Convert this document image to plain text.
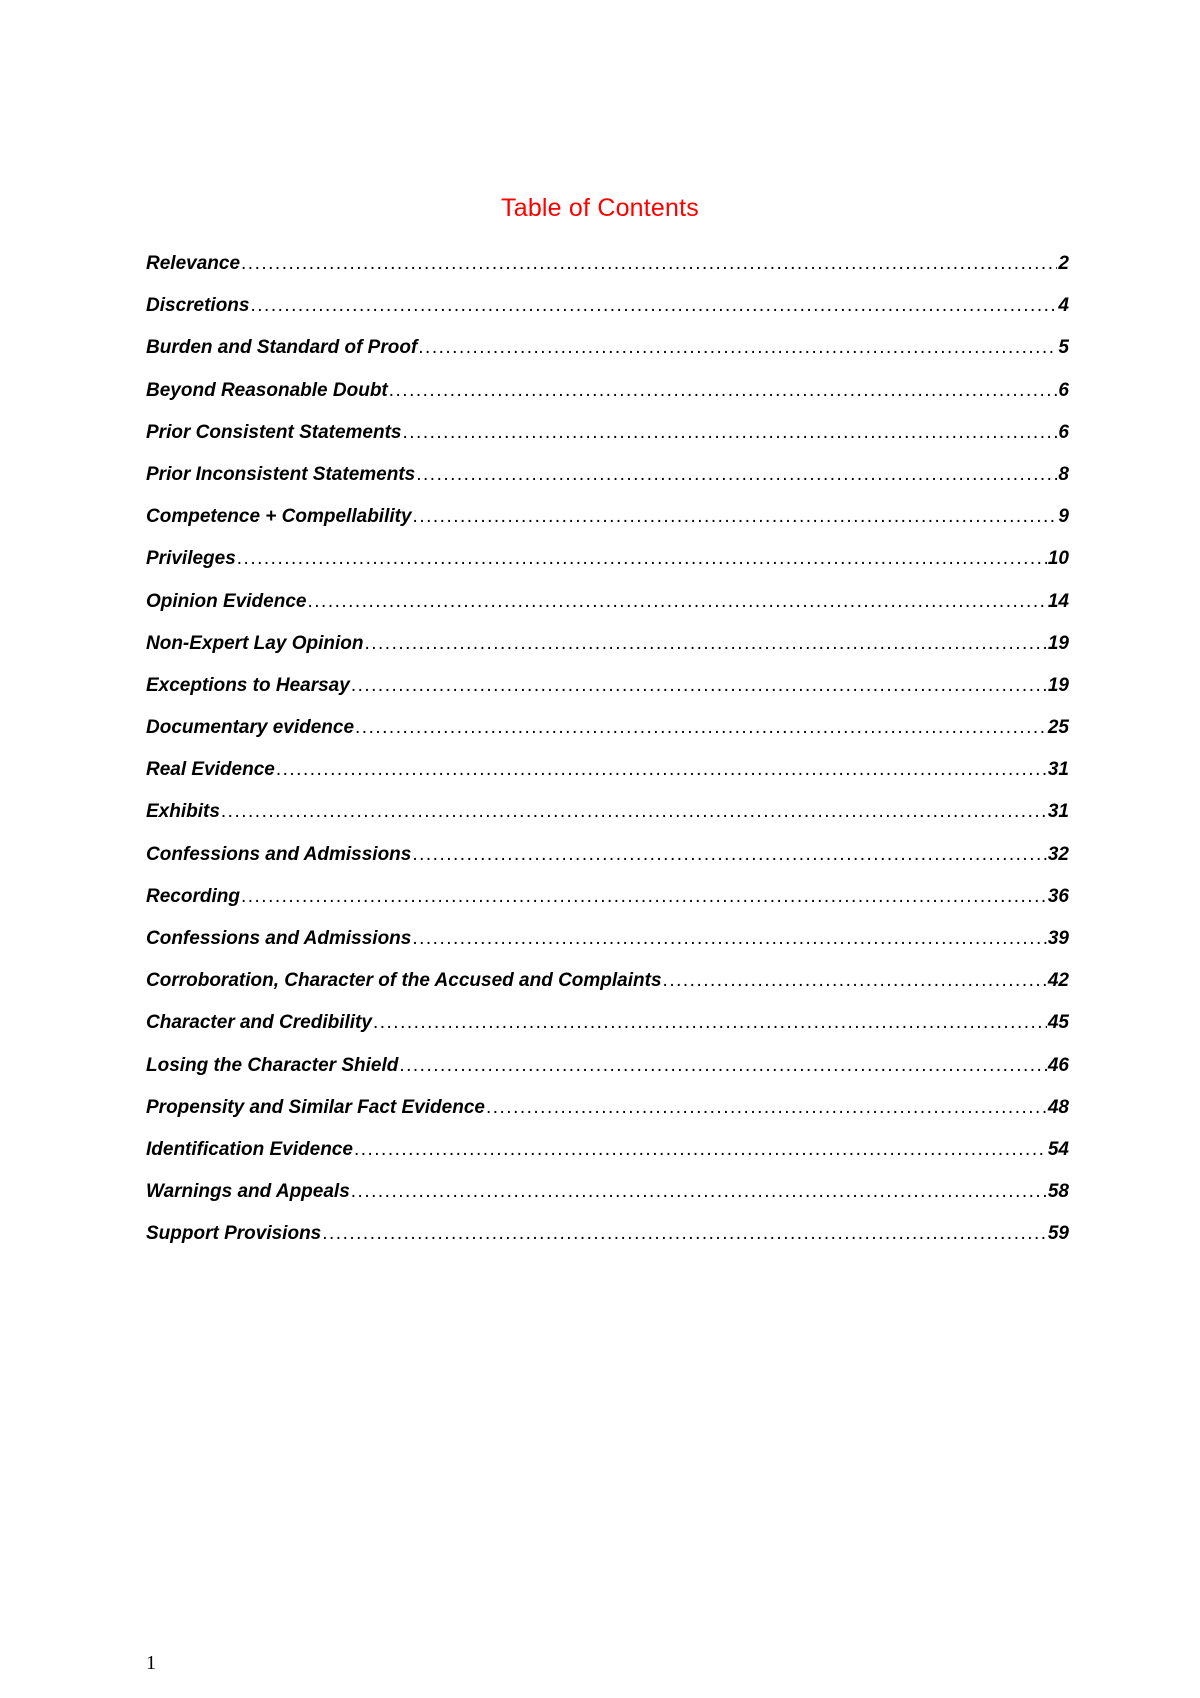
Table of Contents
Relevance .....	2
Discretions .....	4
Burden and Standard of Proof .....	5
Beyond Reasonable Doubt .....	6
Prior Consistent Statements .....	6
Prior Inconsistent Statements .....	8
Competence + Compellability .....	9
Privileges .....	10
Opinion Evidence .....	14
Non-Expert Lay Opinion .....	19
Exceptions to Hearsay .....	19
Documentary evidence .....	25
Real Evidence .....	31
Exhibits .....	31
Confessions and Admissions .....	32
Recording .....	36
Confessions and Admissions .....	39
Corroboration, Character of the Accused and Complaints .....	42
Character and Credibility .....	45
Losing the Character Shield .....	46
Propensity and Similar Fact Evidence .....	48
Identification Evidence .....	54
Warnings and Appeals .....	58
Support Provisions .....	59
1
